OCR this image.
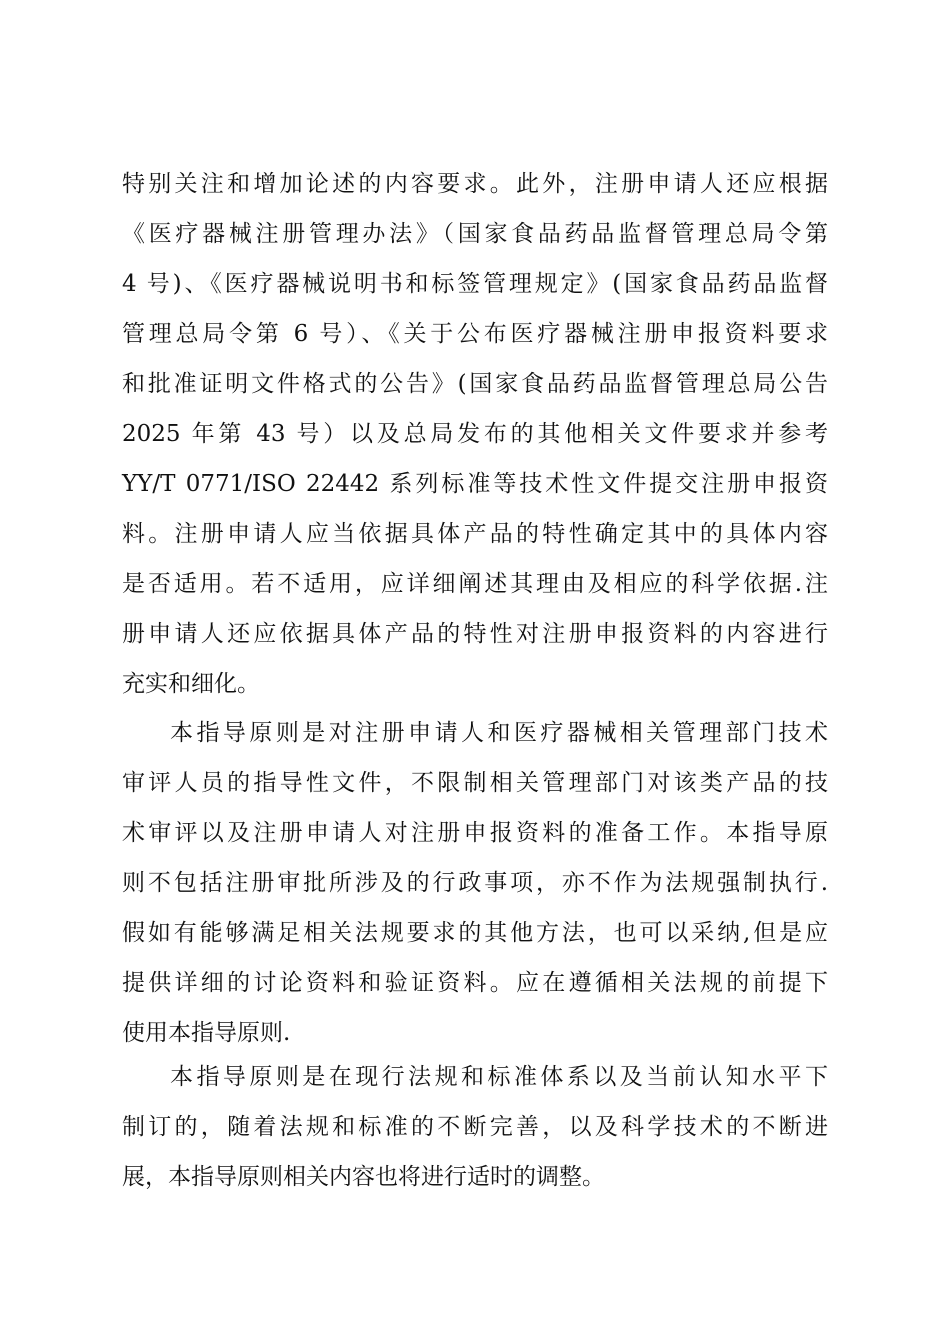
特别关注和增加论述的内容要求。此外，注册申请人还应根据
《医疗器械注册管理办法》（国家食品药品监督管理总局令第
4 号)、《医疗器械说明书和标签管理规定》(国家食品药品监督
管理总局令第 6 号）、《关于公布医疗器械注册申报资料要求
和批准证明文件格式的公告》(国家食品药品监督管理总局公告
2025 年第 43 号）以及总局发布的其他相关文件要求并参考
YY/T 0771/ISO 22442 系列标准等技术性文件提交注册申报资
料。注册申请人应当依据具体产品的特性确定其中的具体内容
是否适用。若不适用，应详细阐述其理由及相应的科学依据.注
册申请人还应依据具体产品的特性对注册申报资料的内容进行
充实和细化。
本指导原则是对注册申请人和医疗器械相关管理部门技术
审评人员的指导性文件，不限制相关管理部门对该类产品的技
术审评以及注册申请人对注册申报资料的准备工作。本指导原
则不包括注册审批所涉及的行政事项，亦不作为法规强制执行.
假如有能够满足相关法规要求的其他方法，也可以采纳,但是应
提供详细的讨论资料和验证资料。应在遵循相关法规的前提下
使用本指导原则.
本指导原则是在现行法规和标准体系以及当前认知水平下
制订的，随着法规和标准的不断完善，以及科学技术的不断进
展，本指导原则相关内容也将进行适时的调整。
